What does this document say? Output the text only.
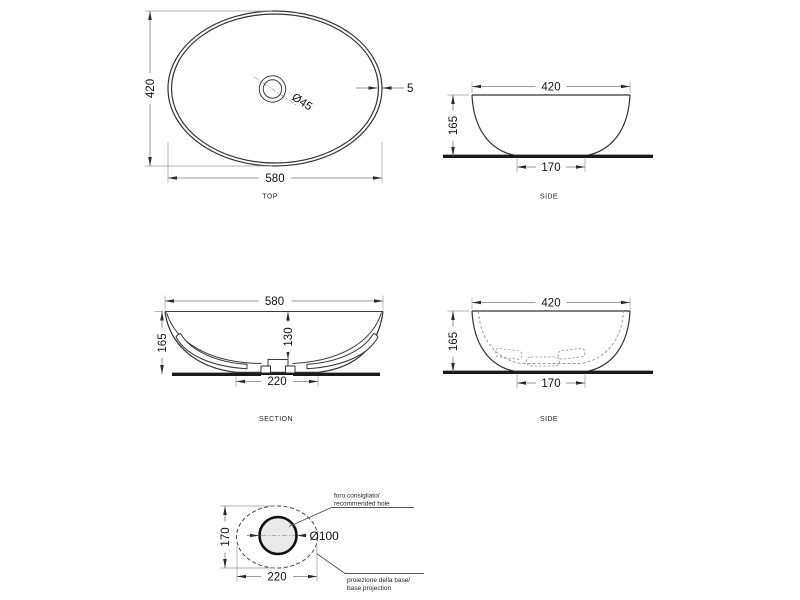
420
580
5
Ø45
TOP
420
165
170
SIDE
580
165	130
220
SECTION
420
165
170
SIDE
Ø100
170
220
foro consigliato/
recommended hole
proiezione della base/
base projection
